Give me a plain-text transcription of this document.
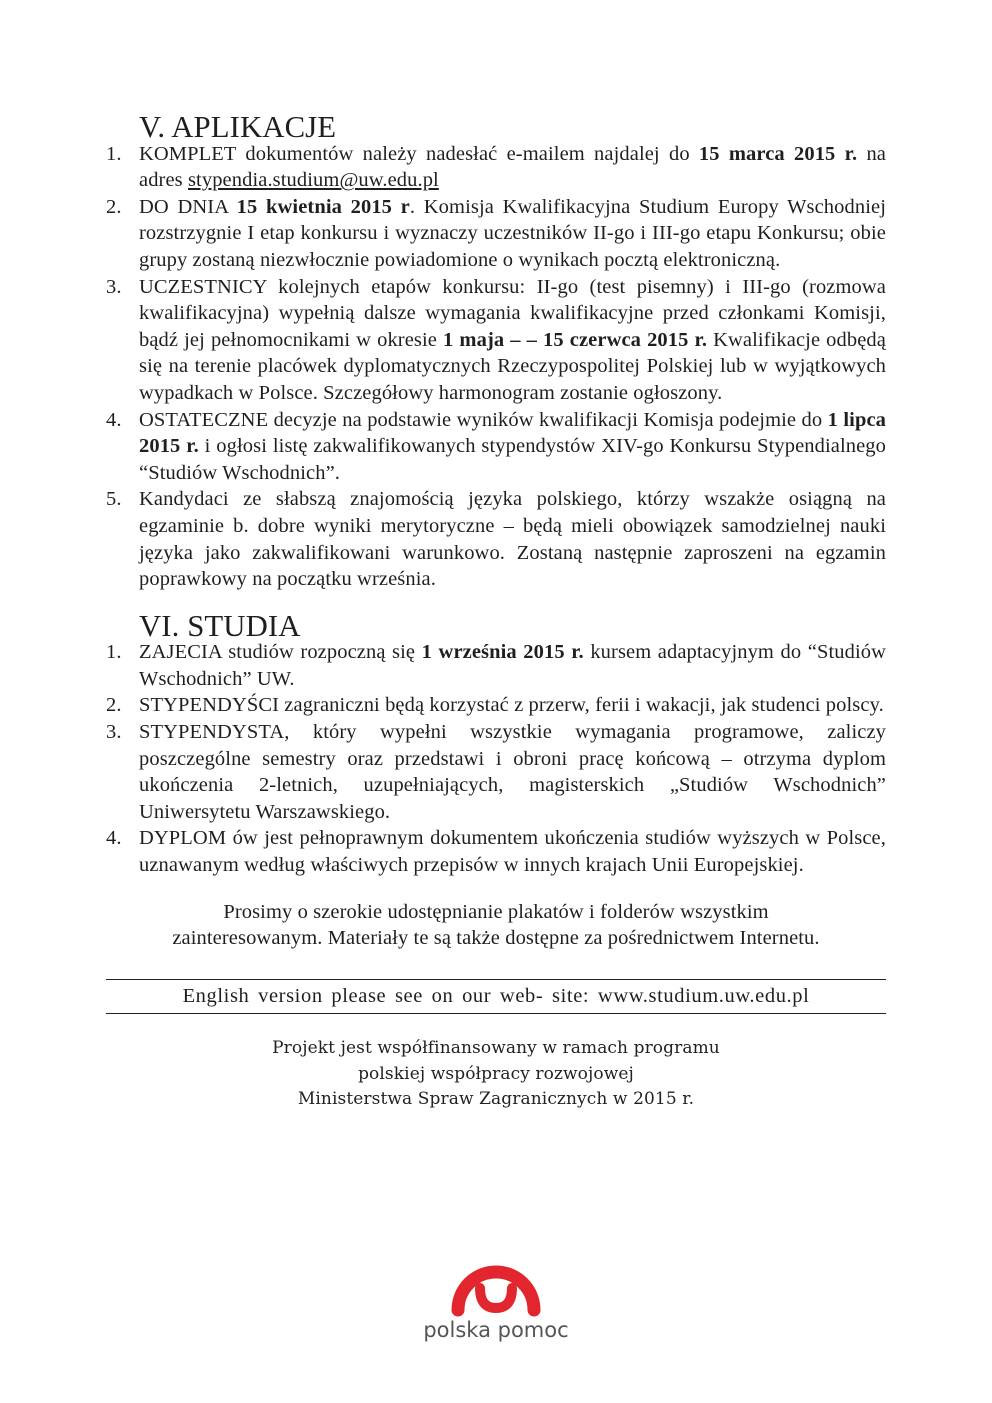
V. APLIKACJE
1. KOMPLET dokumentów należy nadesłać e-mailem najdalej do 15 marca 2015 r. na adres stypendia.studium@uw.edu.pl
2. DO DNIA 15 kwietnia 2015 r. Komisja Kwalifikacyjna Studium Europy Wschodniej rozstrzygnie I etap konkursu i wyznaczy uczestników II-go i III-go etapu Konkursu; obie grupy zostaną niezwłocznie powiadomione o wynikach pocztą elektroniczną.
3. UCZESTNICY kolejnych etapów konkursu: II-go (test pisemny) i III-go (rozmowa kwalifikacyjna) wypełnią dalsze wymagania kwalifikacyjne przed członkami Komisji, bądź jej pełnomocnikami w okresie 1 maja – – 15 czerwca 2015 r. Kwalifikacje odbędą się na terenie placówek dyplomatycznych Rzeczypospolitej Polskiej lub w wyjątkowych wypadkach w Polsce. Szczegółowy harmonogram zostanie ogłoszony.
4. OSTATECZNE decyzje na podstawie wyników kwalifikacji Komisja podejmie do 1 lipca 2015 r. i ogłosi listę zakwalifikowanych stypendystów XIV-go Konkursu Stypendialnego “Studiów Wschodnich”.
5. Kandydaci ze słabszą znajomością języka polskiego, którzy wszakże osiągną na egzaminie b. dobre wyniki merytoryczne – będą mieli obowiązek samodzielnej nauki języka jako zakwalifikowani warunkowo. Zostaną następnie zaproszeni na egzamin poprawkowy na początku września.
VI. STUDIA
1. ZAJECIA studiów rozpoczną się 1 września 2015 r. kursem adaptacyjnym do “Studiów Wschodnich” UW.
2. STYPENDYŚCI zagraniczni będą korzystać z przerw, ferii i wakacji, jak studenci polscy.
3. STYPENDYSTA, który wypełni wszystkie wymagania programowe, zaliczy poszczególne semestry oraz przedstawi i obroni pracę końcową – otrzyma dyplom ukończenia 2-letnich, uzupełniających, magisterskich „Studiów Wschodnich” Uniwersytetu Warszawskiego.
4. DYPLOM ów jest pełnoprawnym dokumentem ukończenia studiów wyższych w Polsce, uznawanym według właściwych przepisów w innych krajach Unii Europejskiej.
Prosimy o szerokie udostępnianie plakatów i folderów wszystkim
zainteresowanym. Materiały te są także dostępne za pośrednictwem Internetu.
English version please see on our web- site: www.studium.uw.edu.pl
Projekt jest współfinansowany w ramach programu
polskiej współpracy rozwojowej
Ministerstwa Spraw Zagranicznych w 2015 r.
polska pomoc
